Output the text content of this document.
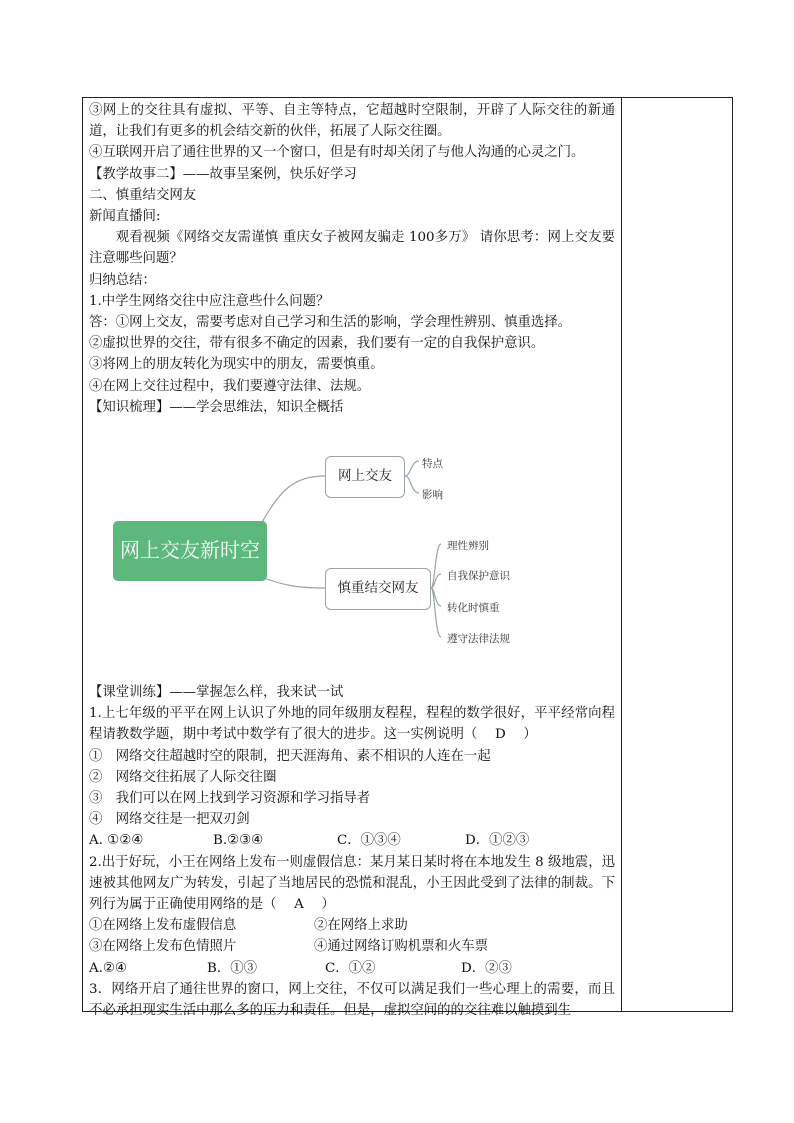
③网上的交往具有虚拟、平等、自主等特点，它超越时空限制，开辟了人际交往的新通道，让我们有更多的机会结交新的伙伴，拓展了人际交往圈。

④互联网开启了通往世界的又一个窗口，但是有时却关闭了与他人沟通的心灵之门。

【教学故事二】——故事呈案例，快乐好学习

二、慎重结交网友

新闻直播间:

观看视频《网络交友需谨慎 重庆女子被网友骗走 100多万》 请你思考：网上交友要注意哪些问题？

归纳总结：

1.中学生网络交往中应注意些什么问题？

答：①网上交友，需要考虑对自己学习和生活的影响，学会理性辨别、慎重选择。

②虚拟世界的交往，带有很多不确定的因素，我们要有一定的自我保护意识。

③将网上的朋友转化为现实中的朋友，需要慎重。

④在网上交往过程中，我们要遵守法律、法规。

【知识梳理】——学会思维法，知识全概括

网上交友新时空
网上交友
慎重结交网友
特点
影响
理性辨别
自我保护意识
转化时慎重
遵守法律法规

【课堂训练】——掌握怎么样，我来试一试

1.上七年级的平平在网上认识了外地的同年级朋友程程，程程的数学很好，平平经常向程程请教数学题，期中考试中数学有了很大的进步。这一实例说明（　 D　 ）

①　网络交往超越时空的限制，把天涯海角、素不相识的人连在一起

②　网络交往拓展了人际交往圈

③　我们可以在网上找到学习资源和学习指导者

④　网络交往是一把双刃剑

A. ①②④	B.②③④	C．①③④	D．①②③

2.出于好玩，小王在网络上发布一则虚假信息：某月某日某时将在本地发生 8 级地震，迅速被其他网友广为转发，引起了当地居民的恐慌和混乱，小王因此受到了法律的制裁。下列行为属于正确使用网络的是（　 A　 ）

①在网络上发布虚假信息	②在网络上求助
③在网络上发布色情照片	④通过网络订购机票和火车票
A.②④	B．①③	C．①②	D．②③

3．网络开启了通往世界的窗口，网上交往，不仅可以满足我们一些心理上的需要，而且不必承担现实生活中那么多的压力和责任。但是，虚拟空间的的交往难以触摸到生
